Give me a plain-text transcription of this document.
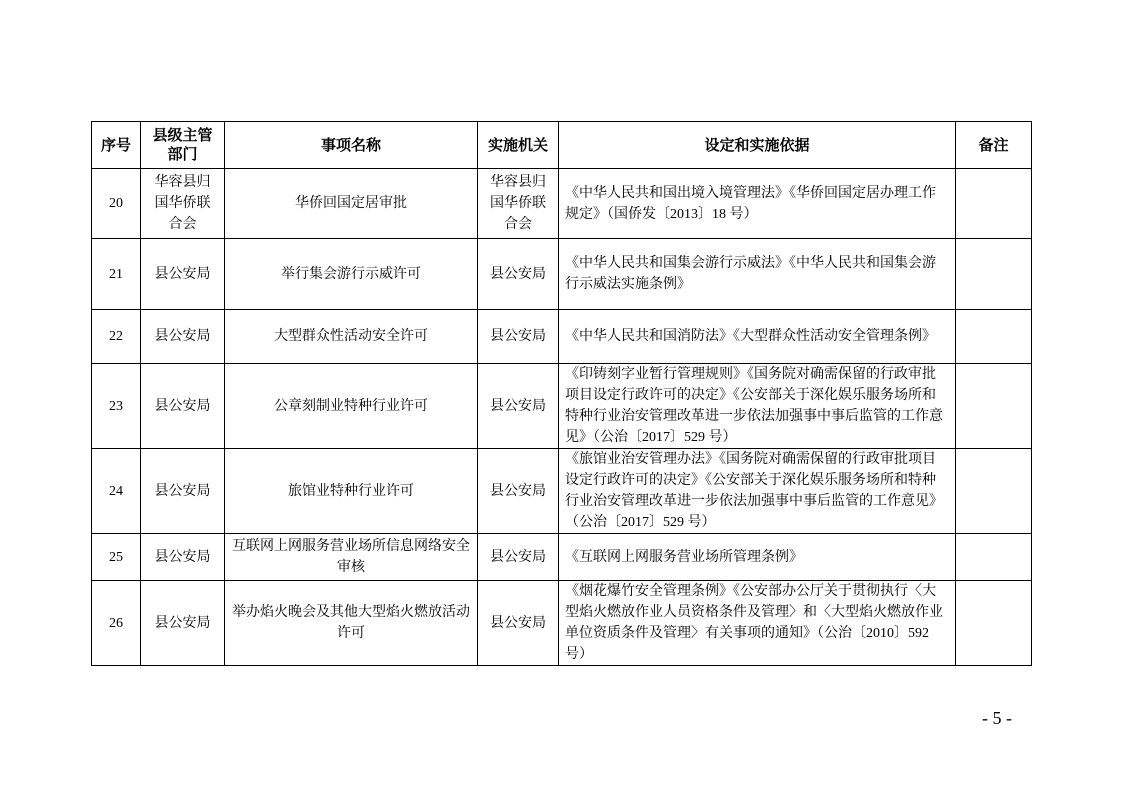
序号	县级主管部门	事项名称	实施机关	设定和实施依据	备注
20	华容县归国华侨联合会	华侨回国定居审批	华容县归国华侨联合会	《中华人民共和国出境入境管理法》《华侨回国定居办理工作规定》（国侨发〔2013〕18 号）	
21	县公安局	举行集会游行示威许可	县公安局	《中华人民共和国集会游行示威法》《中华人民共和国集会游行示威法实施条例》	
22	县公安局	大型群众性活动安全许可	县公安局	《中华人民共和国消防法》《大型群众性活动安全管理条例》	
23	县公安局	公章刻制业特种行业许可	县公安局	《印铸刻字业暂行管理规则》《国务院对确需保留的行政审批项目设定行政许可的决定》《公安部关于深化娱乐服务场所和特种行业治安管理改革进一步依法加强事中事后监管的工作意见》（公治〔2017〕529 号）	
24	县公安局	旅馆业特种行业许可	县公安局	《旅馆业治安管理办法》《国务院对确需保留的行政审批项目设定行政许可的决定》《公安部关于深化娱乐服务场所和特种行业治安管理改革进一步依法加强事中事后监管的工作意见》（公治〔2017〕529 号）	
25	县公安局	互联网上网服务营业场所信息网络安全审核	县公安局	《互联网上网服务营业场所管理条例》	
26	县公安局	举办焰火晚会及其他大型焰火燃放活动许可	县公安局	《烟花爆竹安全管理条例》《公安部办公厅关于贯彻执行〈大型焰火燃放作业人员资格条件及管理〉和〈大型焰火燃放作业单位资质条件及管理〉有关事项的通知》（公治〔2010〕592 号）	
- 5 -
